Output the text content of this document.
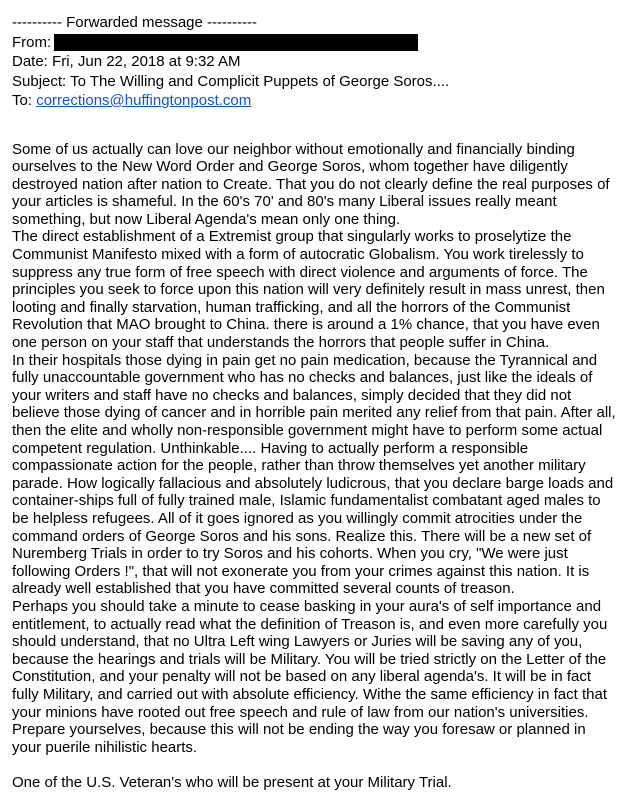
---------- Forwarded message ----------
From:
Date: Fri, Jun 22, 2018 at 9:32 AM
Subject: To The Willing and Complicit Puppets of George Soros....
To: corrections@huffingtonpost.com

Some of us actually can love our neighbor without emotionally and financially binding ourselves to the New Word Order and George Soros, whom together have diligently destroyed nation after nation to Create. That you do not clearly define the real purposes of your articles is shameful. In the 60's 70' and 80's many Liberal issues really meant something, but now Liberal Agenda's mean only one thing.

The direct establishment of a Extremist group that singularly works to proselytize the Communist Manifesto mixed with a form of autocratic Globalism. You work tirelessly to suppress any true form of free speech with direct violence and arguments of force. The principles you seek to force upon this nation will very definitely result in mass unrest, then looting and finally starvation, human trafficking, and all the horrors of the Communist Revolution that MAO brought to China. there is around a 1% chance, that you have even one person on your staff that understands the horrors that people suffer in China.

In their hospitals those dying in pain get no pain medication, because the Tyrannical and fully unaccountable government who has no checks and balances, just like the ideals of your writers and staff have no checks and balances, simply decided that they did not believe those dying of cancer and in horrible pain merited any relief from that pain. After all, then the elite and wholly non-responsible government might have to perform some actual competent regulation. Unthinkable.... Having to actually perform a responsible compassionate action for the people, rather than throw themselves yet another military parade. How logically fallacious and absolutely ludicrous, that you declare barge loads and container-ships full of fully trained male, Islamic fundamentalist combatant aged males to be helpless refugees. All of it goes ignored as you willingly commit atrocities under the command orders of George Soros and his sons. Realize this. There will be a new set of Nuremberg Trials in order to try Soros and his cohorts. When you cry, "We were just following Orders !", that will not exonerate you from your crimes against this nation. It is already well established that you have committed several counts of treason.

Perhaps you should take a minute to cease basking in your aura's of self importance and entitlement, to actually read what the definition of Treason is, and even more carefully you should understand, that no Ultra Left wing Lawyers or Juries will be saving any of you, because the hearings and trials will be Military. You will be tried strictly on the Letter of the Constitution, and your penalty will not be based on any liberal agenda's. It will be in fact fully Military, and carried out with absolute efficiency. Withe the same efficiency in fact that your minions have rooted out free speech and rule of law from our nation's universities. Prepare yourselves, because this will not be ending the way you foresaw or planned in your puerile nihilistic hearts.

One of the U.S. Veteran's who will be present at your Military Trial.
